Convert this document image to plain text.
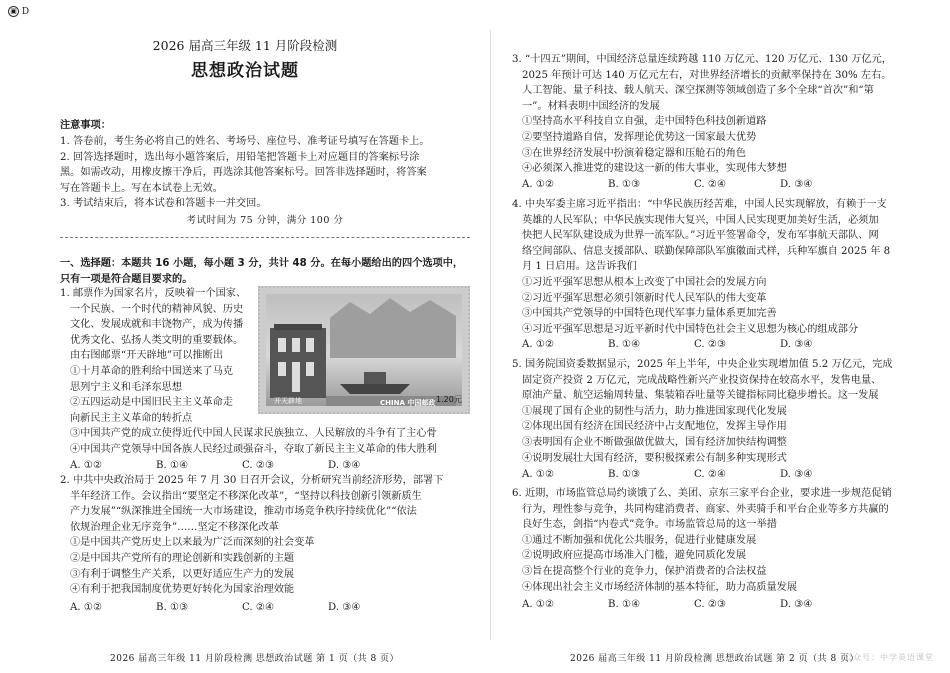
▣ D
2026 届高三年级 11 月阶段检测
思想政治试题
注意事项：
1. 答卷前，考生务必将自己的姓名、考场号、座位号、准考证号填写在答题卡上。
2. 回答选择题时，选出每小题答案后，用铅笔把答题卡上对应题目的答案标号涂
黑。如需改动，用橡皮擦干净后，再选涂其他答案标号。回答非选择题时，将答案
写在答题卡上。写在本试卷上无效。
3. 考试结束后，将本试卷和答题卡一并交回。
考试时间为 75 分钟，满分 100 分
一、选择题：本题共 16 小题，每小题 3 分，共计 48 分。在每小题给出的四个选项中，只有一项是符合题目要求的。
1. 邮票作为国家名片，反映着一个国家、
一个民族、一个时代的精神风貌、历史
文化、发展成就和丰饶物产，成为传播
优秀文化、弘扬人类文明的重要载体。
由右图邮票“开天辟地”可以推断出
①十月革命的胜利给中国送来了马克
思列宁主义和毛泽东思想
②五四运动是中国旧民主主义革命走
向新民主主义革命的转折点
③中国共产党的成立使得近代中国人民谋求民族独立、人民解放的斗争有了主心骨
④中国共产党领导中国各族人民经过顽强奋斗，夺取了新民主主义革命的伟大胜利
开天辟地	CHINA 中国邮政 1.20元
A. ①②	B. ①④	C. ②③	D. ③④
2. 中共中央政治局于 2025 年 7 月 30 日召开会议，分析研究当前经济形势，部署下
半年经济工作。会议指出“要坚定不移深化改革”，“坚持以科技创新引领新质生
产力发展”“纵深推进全国统一大市场建设，推动市场竞争秩序持续优化”“依法
依规治理企业无序竞争”……坚定不移深化改革
①是中国共产党历史上以来最为广泛而深刻的社会变革
②是中国共产党所有的理论创新和实践创新的主题
③有利于调整生产关系，以更好适应生产力的发展
④有利于把我国制度优势更好转化为国家治理效能
A. ①②	B. ①③	C. ②④	D. ③④
2026 届高三年级 11 月阶段检测 思想政治试题 第 1 页（共 8 页）
3. “十四五”期间，中国经济总量连续跨越 110 万亿元、120 万亿元、130 万亿元，
2025 年预计可达 140 万亿元左右，对世界经济增长的贡献率保持在 30% 左右。
人工智能、量子科技、载人航天、深空探测等领域创造了多个全球“首次”和“第
一”。材料表明中国经济的发展
①坚持高水平科技自立自强，走中国特色科技创新道路
②要坚持道路自信，发挥理论优势这一国家最大优势
③在世界经济发展中扮演着稳定器和压舱石的角色
④必须深入推进党的建设这一新的伟大事业，实现伟大梦想
A. ①②	B. ①③	C. ②④	D. ③④
4. 中央军委主席习近平指出：“中华民族历经苦难，中国人民实现解放，有赖于一支
英雄的人民军队；中华民族实现伟大复兴，中国人民实现更加美好生活，必须加
快把人民军队建设成为世界一流军队。”习近平签署命令，发布军事航天部队、网
络空间部队、信息支援部队、联勤保障部队军旗徽面式样，兵种军旗自 2025 年 8
月 1 日启用。这告诉我们
①习近平强军思想从根本上改变了中国社会的发展方向
②习近平强军思想必须引领新时代人民军队的伟大变革
③中国共产党领导的中国特色现代军事力量体系更加完善
④习近平强军思想是习近平新时代中国特色社会主义思想为核心的组成部分
A. ①②	B. ①④	C. ②③	D. ③④
5. 国务院国资委数据显示，2025 年上半年，中央企业实现增加值 5.2 万亿元，完成
固定资产投资 2 万亿元，完成战略性新兴产业投资保持在较高水平，发售电量、
原油产量、航空运输周转量、集装箱吞吐量等关键指标同比稳步增长。这一发展
①展现了国有企业的韧性与活力，助力推进国家现代化发展
②体现出国有经济在国民经济中占支配地位，发挥主导作用
③表明国有企业不断做强做优做大，国有经济加快结构调整
④说明发展壮大国有经济，要积极探索公有制多种实现形式
A. ①②	B. ①③	C. ②④	D. ③④
6. 近期，市场监管总局约谈饿了么、美团、京东三家平台企业，要求进一步规范促销
行为，理性参与竞争，共同构建消费者、商家、外卖骑手和平台企业等多方共赢的
良好生态，剑指“内卷式”竞争。市场监管总局的这一举措
①通过不断加强和优化公共服务，促进行业健康发展
②说明政府应提高市场准入门槛，避免同质化发展
③旨在提高整个行业的竞争力，保护消费者的合法权益
④体现出社会主义市场经济体制的基本特征，助力高质量发展
A. ①②	B. ①④	C. ②③	D. ③④
2026 届高三年级 11 月阶段检测 思想政治试题 第 2 页（共 8 页）
公众号：中学英语课堂
